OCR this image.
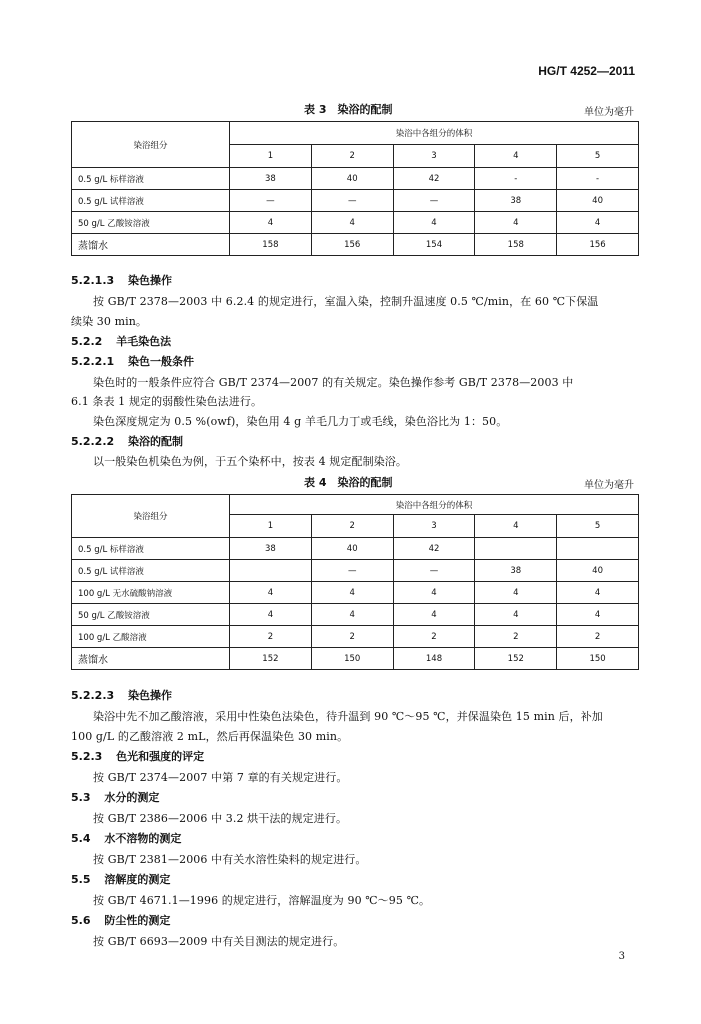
HG/T 4252—2011
表 3　染浴的配制	单位为毫升
染浴组分	染浴中各组分的体积				
	1	2	3	4	5
0.5 g/L 标样溶液	38	40	42	-	-
0.5 g/L 试样溶液	—	—	—	38	40
50 g/L 乙酸铵溶液	4	4	4	4	4
蒸馏水	158	156	154	158	156
5.2.1.3 染色操作
按 GB/T 2378—2003 中 6.2.4 的规定进行，室温入染，控制升温速度 0.5 ℃/min，在 60 ℃下保温
续染 30 min。
5.2.2 羊毛染色法
5.2.2.1 染色一般条件
染色时的一般条件应符合 GB/T 2374—2007 的有关规定。染色操作参考 GB/T 2378—2003 中
6.1 条表 1 规定的弱酸性染色法进行。
染色深度规定为 0.5 %(owf)，染色用 4 g 羊毛几力丁或毛线，染色浴比为 1：50。
5.2.2.2 染浴的配制
以一般染色机染色为例，于五个染杯中，按表 4 规定配制染浴。
表 4　染浴的配制	单位为毫升
染浴组分	染浴中各组分的体积				
	1	2	3	4	5
0.5 g/L 标样溶液	38	40	42		
0.5 g/L 试样溶液		—	—	38	40
100 g/L 无水硫酸钠溶液	4	4	4	4	4
50 g/L 乙酸铵溶液	4	4	4	4	4
100 g/L 乙酸溶液	2	2	2	2	2
蒸馏水	152	150	148	152	150
5.2.2.3 染色操作
染浴中先不加乙酸溶液，采用中性染色法染色，待升温到 90 ℃～95 ℃，并保温染色 15 min 后，补加
100 g/L 的乙酸溶液 2 mL，然后再保温染色 30 min。
5.2.3 色光和强度的评定
按 GB/T 2374—2007 中第 7 章的有关规定进行。
5.3 水分的测定
按 GB/T 2386—2006 中 3.2 烘干法的规定进行。
5.4 水不溶物的测定
按 GB/T 2381—2006 中有关水溶性染料的规定进行。
5.5 溶解度的测定
按 GB/T 4671.1—1996 的规定进行，溶解温度为 90 ℃～95 ℃。
5.6 防尘性的测定
按 GB/T 6693—2009 中有关目测法的规定进行。
3
